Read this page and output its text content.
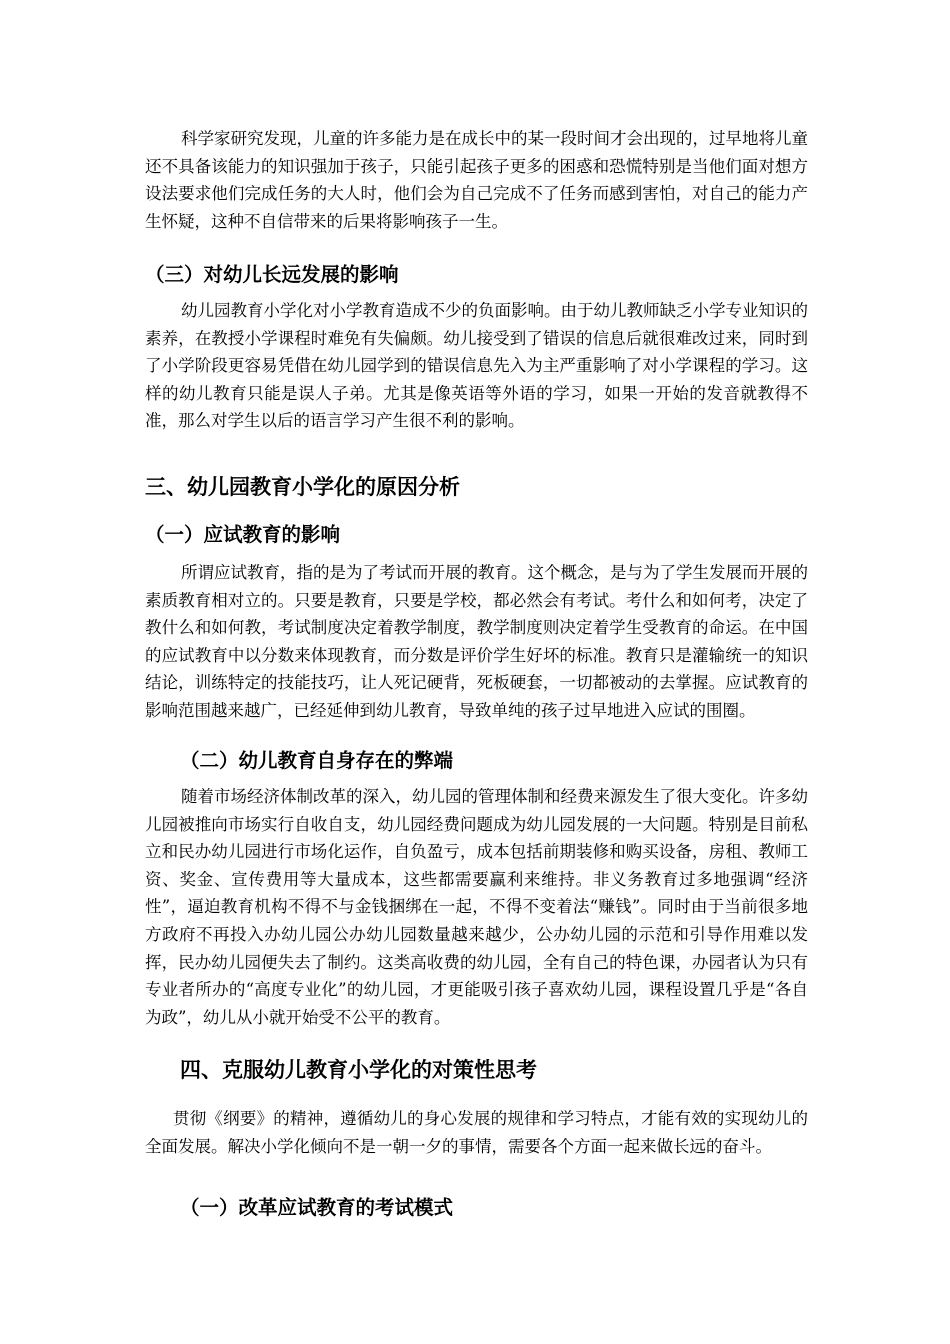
科学家研究发现，儿童的许多能力是在成长中的某一段时间才会出现的，过早地将儿童还不具备该能力的知识强加于孩子，只能引起孩子更多的困惑和恐慌特别是当他们面对想方设法要求他们完成任务的大人时，他们会为自己完成不了任务而感到害怕，对自己的能力产生怀疑，这种不自信带来的后果将影响孩子一生。

（三）对幼儿长远发展的影响

幼儿园教育小学化对小学教育造成不少的负面影响。由于幼儿教师缺乏小学专业知识的素养，在教授小学课程时难免有失偏颇。幼儿接受到了错误的信息后就很难改过来，同时到了小学阶段更容易凭借在幼儿园学到的错误信息先入为主严重影响了对小学课程的学习。这样的幼儿教育只能是误人子弟。尤其是像英语等外语的学习，如果一开始的发音就教得不准，那么对学生以后的语言学习产生很不利的影响。

三、幼儿园教育小学化的原因分析
（一）应试教育的影响

所谓应试教育，指的是为了考试而开展的教育。这个概念，是与为了学生发展而开展的素质教育相对立的。只要是教育，只要是学校，都必然会有考试。考什么和如何考，决定了教什么和如何教，考试制度决定着教学制度，教学制度则决定着学生受教育的命运。在中国的应试教育中以分数来体现教育，而分数是评价学生好坏的标准。教育只是灌输统一的知识结论，训练特定的技能技巧，让人死记硬背，死板硬套，一切都被动的去掌握。应试教育的影响范围越来越广，已经延伸到幼儿教育，导致单纯的孩子过早地进入应试的围圈。

（二）幼儿教育自身存在的弊端

随着市场经济体制改革的深入，幼儿园的管理体制和经费来源发生了很大变化。许多幼儿园被推向市场实行自收自支，幼儿园经费问题成为幼儿园发展的一大问题。特别是目前私立和民办幼儿园进行市场化运作，自负盈亏，成本包括前期装修和购买设备，房租、教师工资、奖金、宣传费用等大量成本，这些都需要赢利来维持。非义务教育过多地强调“经济性”，逼迫教育机构不得不与金钱捆绑在一起，不得不变着法“赚钱”。同时由于当前很多地方政府不再投入办幼儿园公办幼儿园数量越来越少，公办幼儿园的示范和引导作用难以发挥，民办幼儿园便失去了制约。这类高收费的幼儿园，全有自己的特色课，办园者认为只有专业者所办的“高度专业化”的幼儿园，才更能吸引孩子喜欢幼儿园，课程设置几乎是“各自为政”，幼儿从小就开始受不公平的教育。

四、克服幼儿教育小学化的对策性思考

贯彻《纲要》的精神，遵循幼儿的身心发展的规律和学习特点，才能有效的实现幼儿的全面发展。解决小学化倾向不是一朝一夕的事情，需要各个方面一起来做长远的奋斗。

（一）改革应试教育的考试模式
